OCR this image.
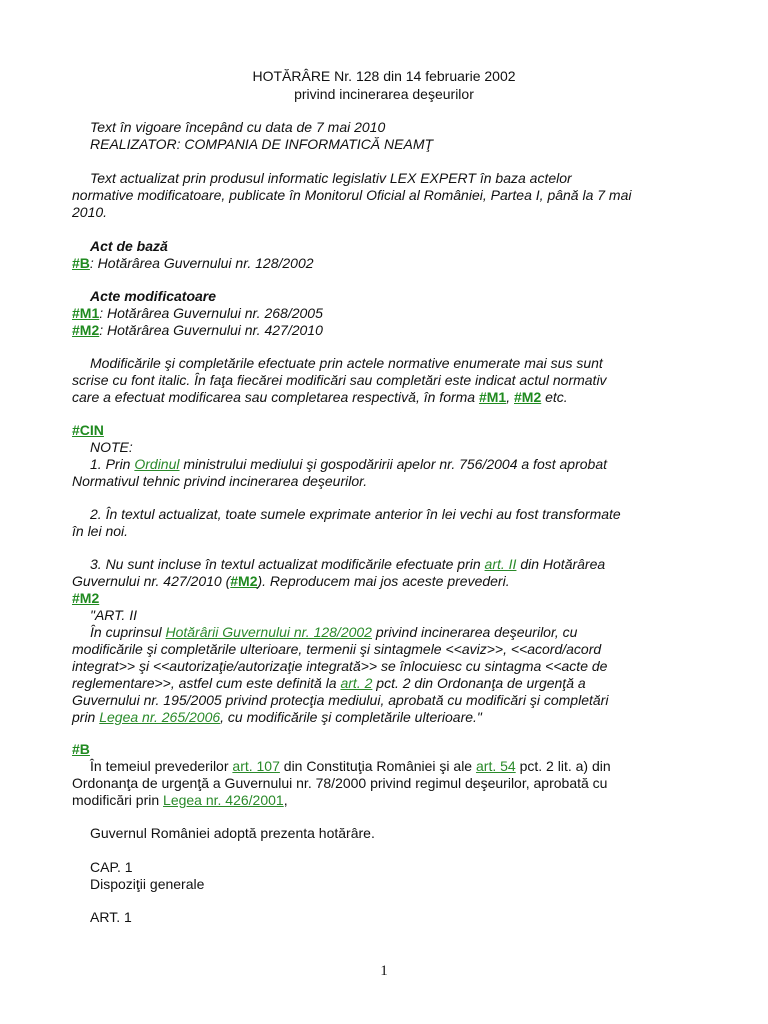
HOTĂRÂRE Nr. 128 din 14 februarie 2002
privind incinerarea deşeurilor
Text în vigoare începând cu data de 7 mai 2010
REALIZATOR: COMPANIA DE INFORMATICĂ NEAMŢ
Text actualizat prin produsul informatic legislativ LEX EXPERT în baza actelor
normative modificatoare, publicate în Monitorul Oficial al României, Partea I, până la 7 mai
2010.
Act de bază
#B: Hotărârea Guvernului nr. 128/2002
Acte modificatoare
#M1: Hotărârea Guvernului nr. 268/2005
#M2: Hotărârea Guvernului nr. 427/2010
Modificările şi completările efectuate prin actele normative enumerate mai sus sunt
scrise cu font italic. În faţa fiecărei modificări sau completări este indicat actul normativ
care a efectuat modificarea sau completarea respectivă, în forma #M1, #M2 etc.
#CIN
NOTE:
1. Prin Ordinul ministrului mediului şi gospodăririi apelor nr. 756/2004 a fost aprobat
Normativul tehnic privind incinerarea deşeurilor.
2. În textul actualizat, toate sumele exprimate anterior în lei vechi au fost transformate
în lei noi.
3. Nu sunt incluse în textul actualizat modificările efectuate prin art. II din Hotărârea
Guvernului nr. 427/2010 (#M2). Reproducem mai jos aceste prevederi.
#M2
"ART. II
În cuprinsul Hotărârii Guvernului nr. 128/2002 privind incinerarea deşeurilor, cu
modificările şi completările ulterioare, termenii şi sintagmele <<aviz>>, <<acord/acord
integrat>> şi <<autorizaţie/autorizaţie integrată>> se înlocuiesc cu sintagma <<acte de
reglementare>>, astfel cum este definită la art. 2 pct. 2 din Ordonanţa de urgenţă a
Guvernului nr. 195/2005 privind protecţia mediului, aprobată cu modificări şi completări
prin Legea nr. 265/2006, cu modificările şi completările ulterioare."
#B
În temeiul prevederilor art. 107 din Constituţia României şi ale art. 54 pct. 2 lit. a) din
Ordonanţa de urgenţă a Guvernului nr. 78/2000 privind regimul deşeurilor, aprobată cu
modificări prin Legea nr. 426/2001,
Guvernul României adoptă prezenta hotărâre.
CAP. 1
Dispoziţii generale
ART. 1
1
